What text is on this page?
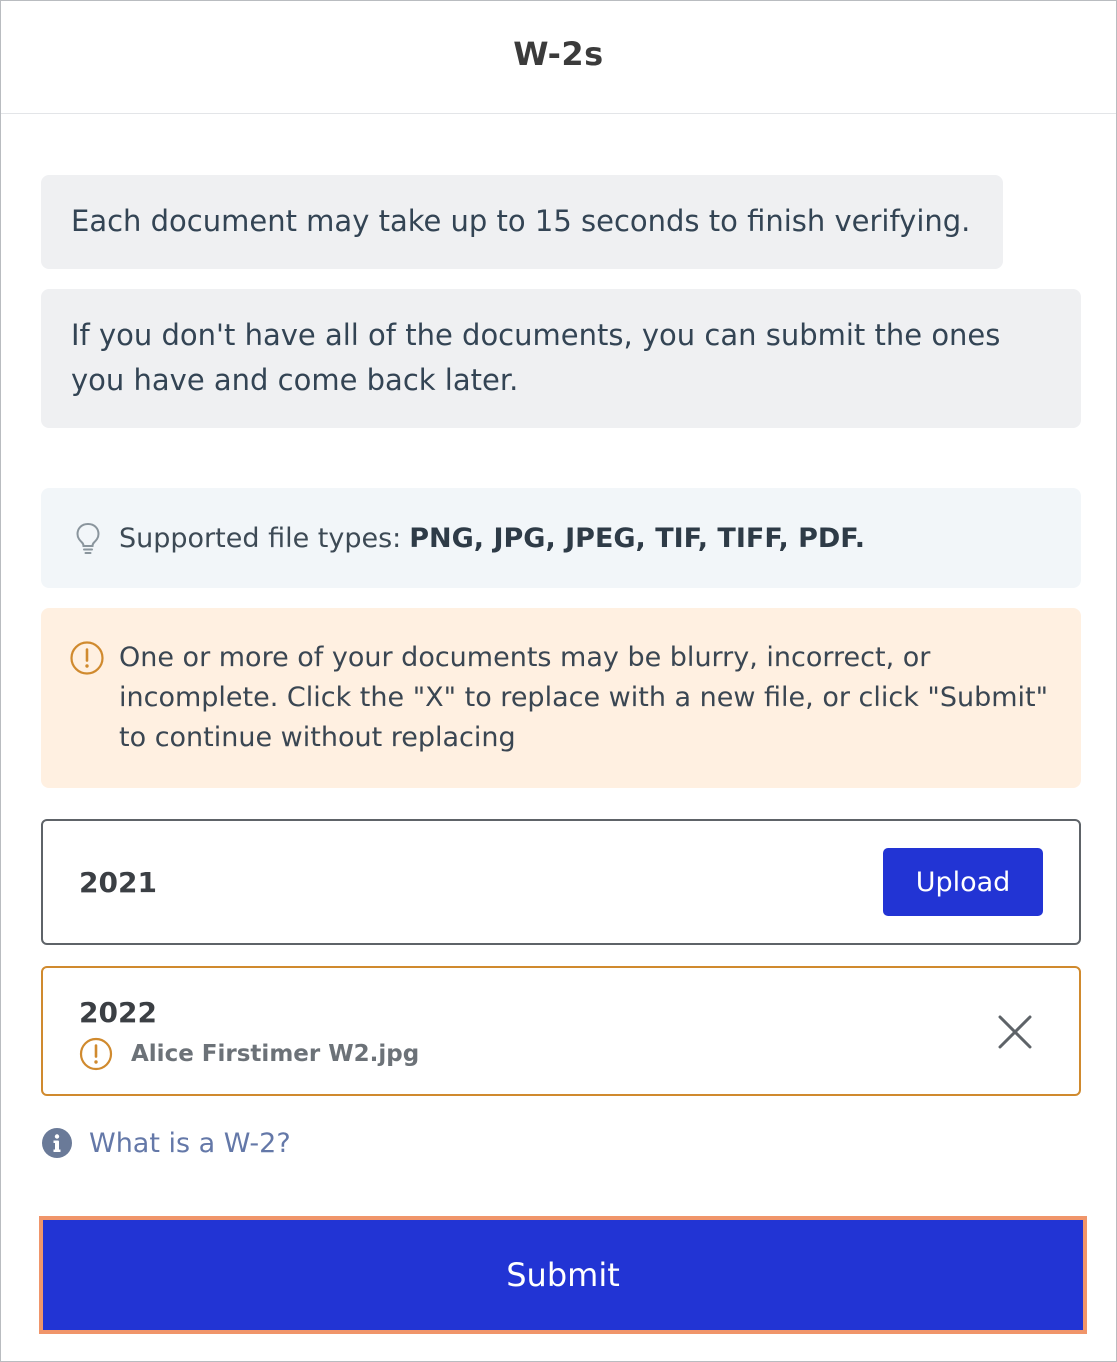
W-2s
Each document may take up to 15 seconds to finish verifying.
If you don't have all of the documents, you can submit the ones you have and come back later.
Supported file types: PNG, JPG, JPEG, TIF, TIFF, PDF.
One or more of your documents may be blurry, incorrect, or incomplete. Click the "X" to replace with a new file, or click "Submit" to continue without replacing
2021	Upload
2022
Alice Firstimer W2.jpg
What is a W-2?
Submit
